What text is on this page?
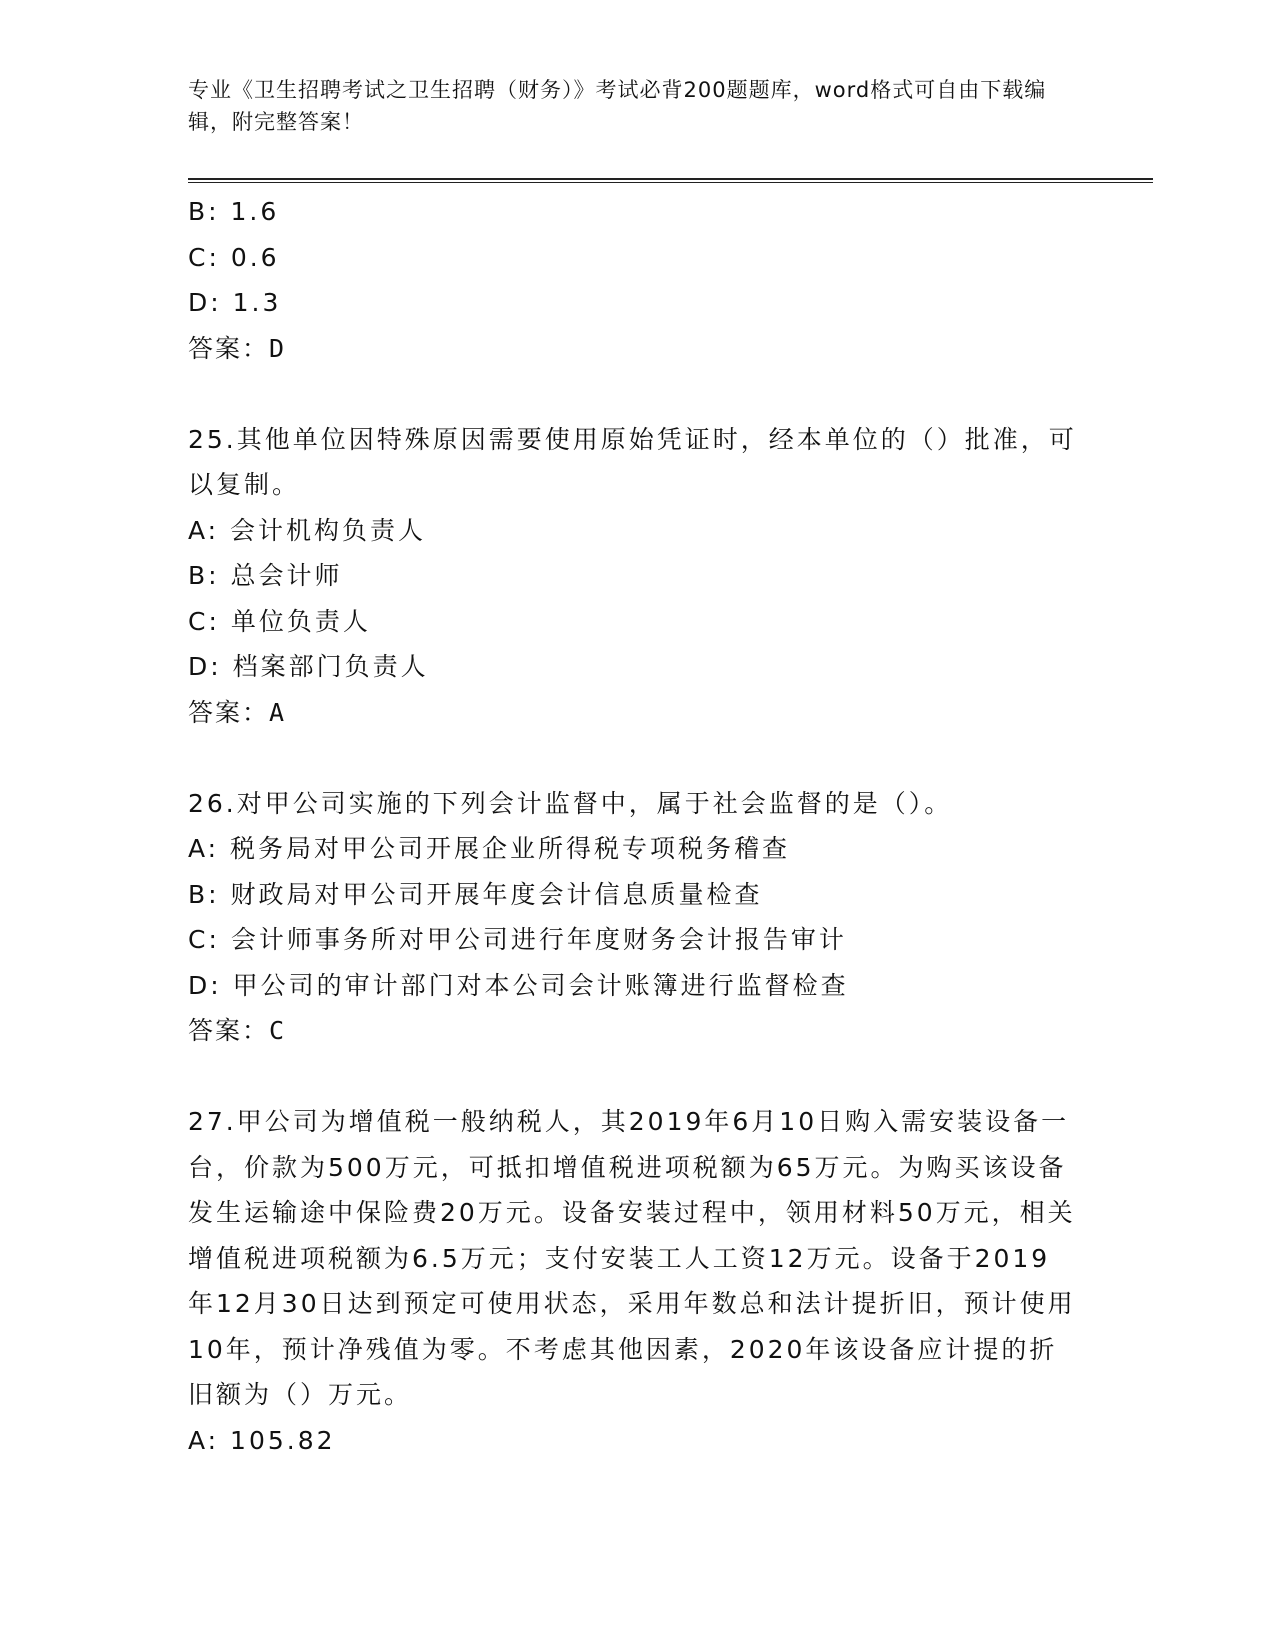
专业《卫生招聘考试之卫生招聘（财务）》考试必背200题题库，word格式可自由下载编辑，附完整答案！
B: 1.6
C: 0.6
D: 1.3
答案：D
25.其他单位因特殊原因需要使用原始凭证时，经本单位的（）批准，可以复制。
A: 会计机构负责人
B: 总会计师
C: 单位负责人
D: 档案部门负责人
答案：A
26.对甲公司实施的下列会计监督中，属于社会监督的是（）。
A: 税务局对甲公司开展企业所得税专项税务稽查
B: 财政局对甲公司开展年度会计信息质量检查
C: 会计师事务所对甲公司进行年度财务会计报告审计
D: 甲公司的审计部门对本公司会计账簿进行监督检查
答案：C
27.甲公司为增值税一般纳税人，其2019年6月10日购入需安装设备一台，价款为500万元，可抵扣增值税进项税额为65万元。为购买该设备发生运输途中保险费20万元。设备安装过程中，领用材料50万元，相关增值税进项税额为6.5万元；支付安装工人工资12万元。设备于2019年12月30日达到预定可使用状态，采用年数总和法计提折旧，预计使用10年，预计净残值为零。不考虑其他因素，2020年该设备应计提的折旧额为（）万元。
A: 105.82
